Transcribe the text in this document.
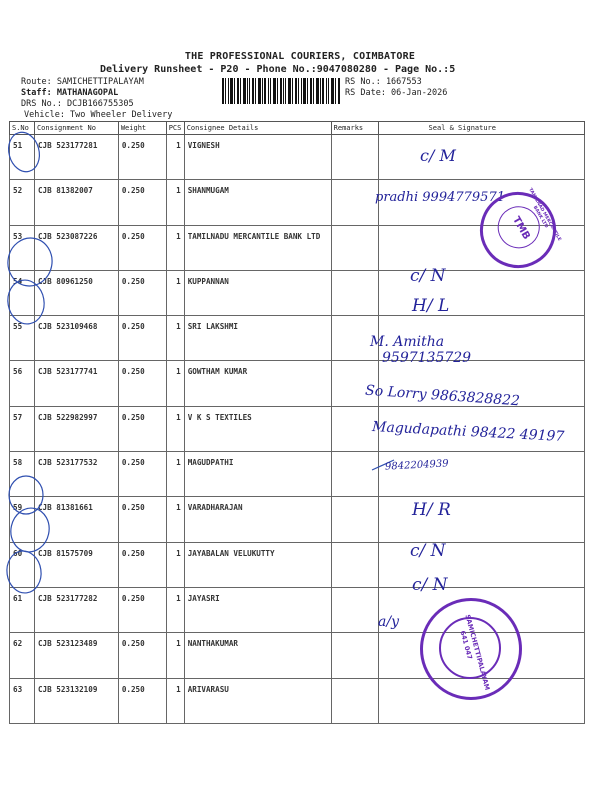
THE PROFESSIONAL COURIERS, COIMBATORE
Delivery Runsheet - P20 - Phone No.:9047080280 - Page No.:5
Route: SAMICHETTIPALAYAM
Staff: MATHANAGOPAL
DRS No.: DCJB166755305
Vehicle: Two Wheeler Delivery
RS No.: 1667553
RS Date: 06-Jan-2026
S.No	Consignment No	Weight	PCS	Consignee Details	Remarks	Seal & Signature
51	CJB 523177281	0.250	1	VIGNESH		
52	CJB 81382007	0.250	1	SHANMUGAM		
53	CJB 523087226	0.250	1	TAMILNADU MERCANTILE BANK LTD		
54	CJB 80961250	0.250	1	KUPPANNAN		
55	CJB 523109468	0.250	1	SRI LAKSHMI		
56	CJB 523177741	0.250	1	GOWTHAM KUMAR		
57	CJB 522982997	0.250	1	V K S TEXTILES		
58	CJB 523177532	0.250	1	MAGUDPATHI		
59	CJB 81381661	0.250	1	VARADHARAJAN		
60	CJB 81575709	0.250	1	JAYABALAN VELUKUTTY		
61	CJB 523177282	0.250	1	JAYASRI		
62	CJB 523123489	0.250	1	NANTHAKUMAR		
63	CJB 523132109	0.250	1	ARIVARASU		
c/ M
pradhi 9994779571
c/ N
H/ L
M. Amitha
9597135729
So Lorry 9863828822
Magudapathi 98422 49197
9842204939
H/ R
c/ N
c/ N
a/y
TMB
TAMILNAD MERCANTILE BANK LTD
SAMICHETTIPALAYAM 641 047
